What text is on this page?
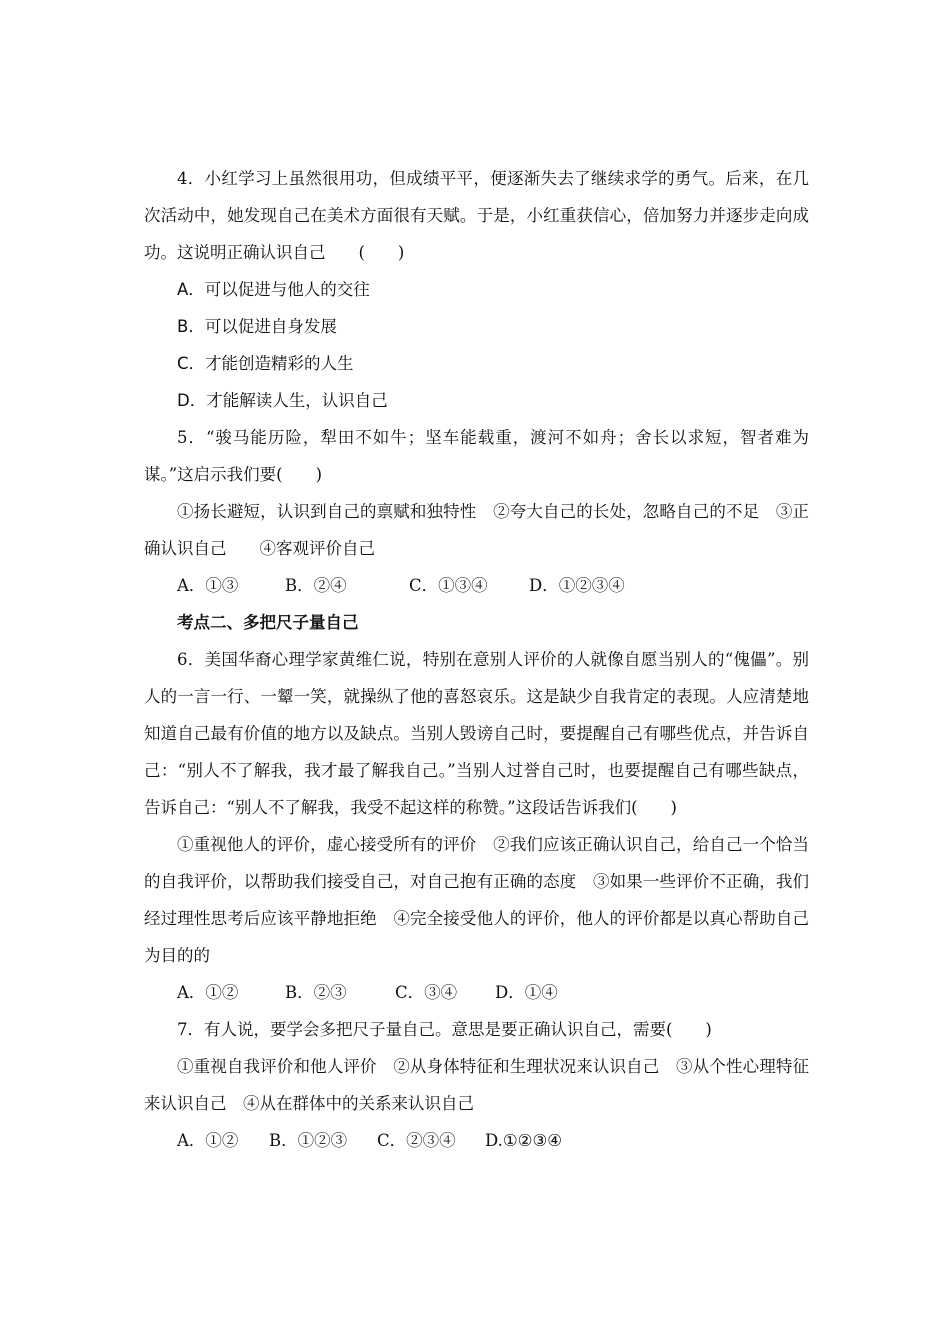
4．小红学习上虽然很用功，但成绩平平，便逐渐失去了继续求学的勇气。后来，在几次活动中，她发现自己在美术方面很有天赋。于是，小红重获信心，倍加努力并逐步走向成功。这说明正确认识自己　　(　　)

A．可以促进与他人的交往

B．可以促进自身发展

C．才能创造精彩的人生

D．才能解读人生，认识自己

5．“骏马能历险，犁田不如牛；坚车能载重，渡河不如舟；舍长以求短，智者难为谋。”这启示我们要(　　)

①扬长避短，认识到自己的禀赋和独特性　②夸大自己的长处，忽略自己的不足　③正确认识自己　　④客观评价自己

A．①③	B．②④	C．①③④	D．①②③④

考点二、多把尺子量自己

6．美国华裔心理学家黄维仁说，特别在意别人评价的人就像自愿当别人的“傀儡”。别人的一言一行、一颦一笑，就操纵了他的喜怒哀乐。这是缺少自我肯定的表现。人应清楚地知道自己最有价值的地方以及缺点。当别人毁谤自己时，要提醒自己有哪些优点，并告诉自己：“别人不了解我，我才最了解我自己。”当别人过誉自己时，也要提醒自己有哪些缺点，告诉自己：“别人不了解我，我受不起这样的称赞。”这段话告诉我们(　　)

①重视他人的评价，虚心接受所有的评价　②我们应该正确认识自己，给自己一个恰当的自我评价，以帮助我们接受自己，对自己抱有正确的态度　③如果一些评价不正确，我们经过理性思考后应该平静地拒绝　④完全接受他人的评价，他人的评价都是以真心帮助自己为目的的

A．①②	B．②③	C．③④ D．①④

7．有人说，要学会多把尺子量自己。意思是要正确认识自己，需要(　　)

①重视自我评价和他人评价　②从身体特征和生理状况来认识自己　③从个性心理特征来认识自己　④从在群体中的关系来认识自己

A．①② B．①②③ C．②③④ D.①②③④
